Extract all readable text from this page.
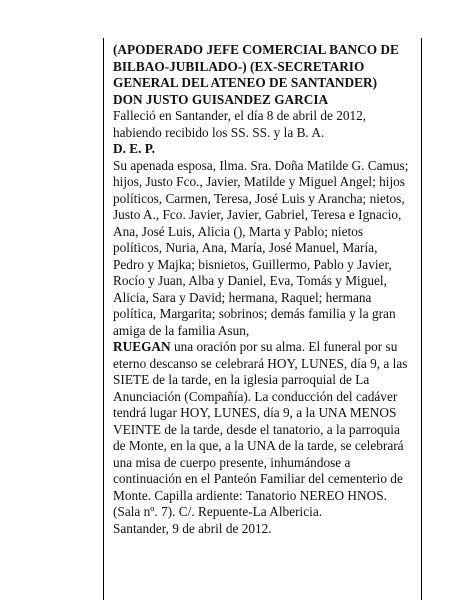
(APODERADO JEFE COMERCIAL BANCO DE

BILBAO-JUBILADO-) (EX-SECRETARIO

GENERAL DEL ATENEO DE SANTANDER)

DON JUSTO GUISANDEZ GARCIA

Falleció en Santander, el día 8 de abril de 2012,

habiendo recibido los SS. SS. y la B. A.

D. E. P.

Su apenada esposa, Ilma. Sra. Doña Matilde G. Camus;

hijos, Justo Fco., Javier, Matilde y Miguel Angel; hijos

políticos, Carmen, Teresa, José Luis y Arancha; nietos,

Justo A., Fco. Javier, Javier, Gabriel, Teresa e Ignacio,

Ana, José Luis, Alicia (), Marta y Pablo; nietos

políticos, Nuria, Ana, María, José Manuel, María,

Pedro y Majka; bisnietos, Guillermo, Pablo y Javier,

Rocío y Juan, Alba y Daniel, Eva, Tomás y Miguel,

Alicia, Sara y David; hermana, Raquel; hermana

política, Margarita; sobrinos; demás familia y la gran

amiga de la familia Asun,

RUEGAN una oración por su alma. El funeral por su

eterno descanso se celebrará HOY, LUNES, día 9, a las

SIETE de la tarde, en la iglesia parroquial de La

Anunciación (Compañía). La conducción del cadáver

tendrá lugar HOY, LUNES, día 9, a la UNA MENOS

VEINTE de la tarde, desde el tanatorio, a la parroquia

de Monte, en la que, a la UNA de la tarde, se celebrará

una misa de cuerpo presente, inhumándose a

continuación en el Panteón Familiar del cementerio de

Monte. Capilla ardiente: Tanatorio NEREO HNOS.

(Sala nº. 7). C/. Repuente-La Albericia.

Santander, 9 de abril de 2012.
